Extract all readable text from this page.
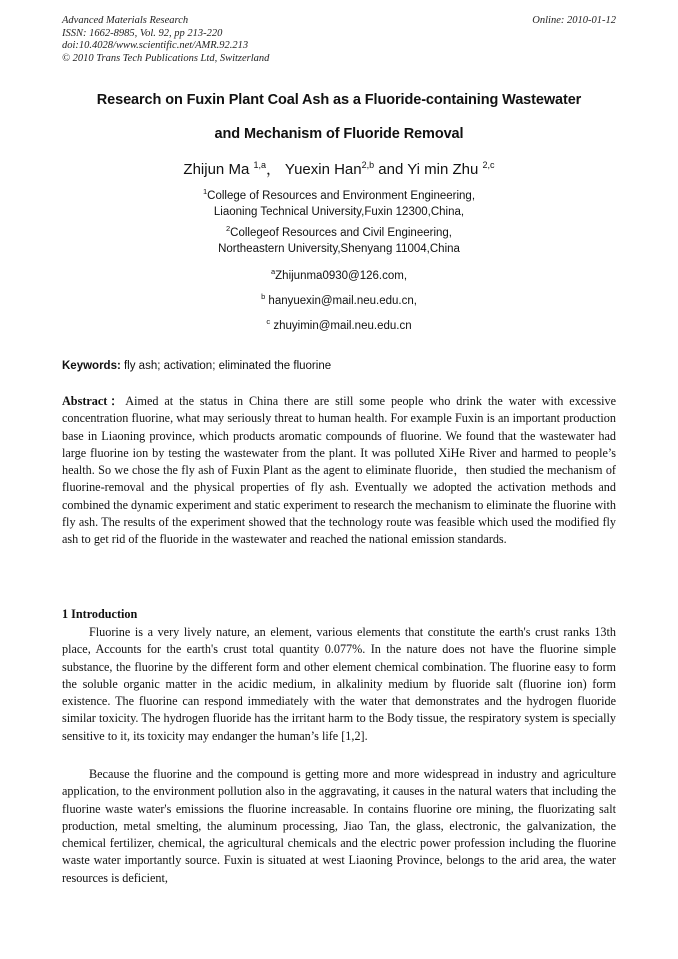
Advanced Materials Research
ISSN: 1662-8985, Vol. 92, pp 213-220
doi:10.4028/www.scientific.net/AMR.92.213
© 2010 Trans Tech Publications Ltd, Switzerland
Online: 2010-01-12
Research on Fuxin Plant Coal Ash as a Fluoride-containing Wastewater
and Mechanism of Fluoride Removal
Zhijun Ma $^{1,a}$， Yuexin Han$^{2,b}$ and Yi min Zhu $^{2,c}$
$^1$College of Resources and Environment Engineering,
Liaoning Technical University,Fuxin 12300,China,
$^2$Collegeof Resources and Civil Engineering,
Northeastern University,Shenyang 11004,China
$^a$Zhijunma0930@126.com,
$^b$ hanyuexin@mail.neu.edu.cn,
$^c$ zhuyimin@mail.neu.edu.cn
Keywords: fly ash; activation; eliminated the fluorine

Abstract：Aimed at the status in China there are still some people who drink the water with excessive concentration fluorine, what may seriously threat to human health. For example Fuxin is an important production base in Liaoning province, which products aromatic compounds of fluorine. We found that the wastewater had large fluorine ion by testing the wastewater from the plant. It was polluted XiHe River and harmed to people’s health. So we chose the fly ash of Fuxin Plant as the agent to eliminate fluoride，then studied the mechanism of fluorine-removal and the physical properties of fly ash. Eventually we adopted the activation methods and combined the dynamic experiment and static experiment to research the mechanism to eliminate the fluorine with fly ash. The results of the experiment showed that the technology route was feasible which used the modified fly ash to get rid of the fluoride in the wastewater and reached the national emission standards.

1 Introduction

Fluorine is a very lively nature, an element, various elements that constitute the earth's crust ranks 13th place, Accounts for the earth's crust total quantity 0.077%. In the nature does not have the fluorine simple substance, the fluorine by the different form and other element chemical combination. The fluorine easy to form the soluble organic matter in the acidic medium, in alkalinity medium by fluoride salt (fluorine ion) form existence. The fluorine can respond immediately with the water that demonstrates and the hydrogen fluoride similar toxicity. The hydrogen fluoride has the irritant harm to the Body tissue, the respiratory system is specially sensitive to it, its toxicity may endanger the human’s life [1,2].

Because the fluorine and the compound is getting more and more widespread in industry and agriculture application, to the environment pollution also in the aggravating, it causes in the natural waters that including the fluorine waste water's emissions the fluorine increasable. In contains fluorine ore mining, the fluorizating salt production, metal smelting, the aluminum processing, Jiao Tan, the glass, electronic, the galvanization, the chemical fertilizer, chemical, the agricultural chemicals and the electric power profession including the fluorine waste water importantly source. Fuxin is situated at west Liaoning Province, belongs to the arid area, the water resources is deficient,
